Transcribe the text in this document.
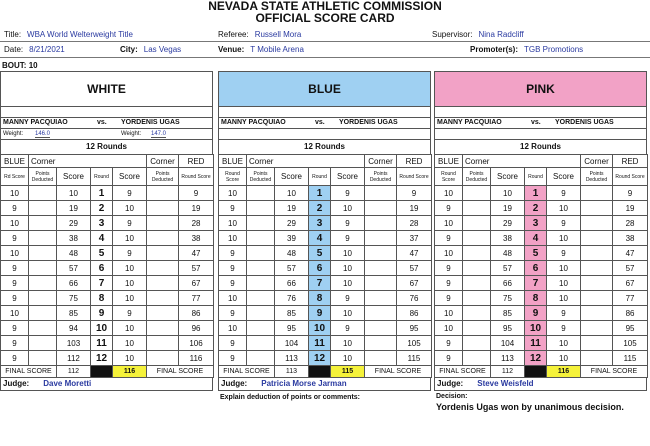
NEVADA STATE ATHLETIC COMMISSION
OFFICIAL SCORE CARD
Title: WBA World Welterweight Title	Referee: Russell Mora	Supervisor: Nina Radcliff
Date: 8/21/2021	City: Las Vegas	Venue: T Mobile Arena	Promoter(s): TGB Promotions
BOUT: 10
WHITE
MANNY PACQUIAO	vs. YORDENIS UGAS
Weight: 146.0	Weight: 147.0
12 Rounds
BLUE	Corner				Corner	RED
Rd Score	Points Deducted	Score	Round	Score	Points Deducted	Round Score
10		10	1	9		9
9		19	2	10		19
10		29	3	9		28
9		38	4	10		38
10		48	5	9		47
9		57	6	10		57
9		66	7	10		67
9		75	8	10		77
10		85	9	9		86
9		94	10	10		96
9		103	11	10		106
9		112	12	10		116
FINAL SCORE		112		116	FINAL SCORE	
Judge: Dave Moretti
BLUE
MANNY PACQUIAO	vs. YORDENIS UGAS
12 Rounds
BLUE	Corner				Corner	RED
Round Score	Points Deducted	Score	Round	Score	Points Deducted	Round Score
10		10	1	9		9
9		19	2	10		19
10		29	3	9		28
10		39	4	9		37
9		48	5	10		47
9		57	6	10		57
9		66	7	10		67
10		76	8	9		76
9		85	9	10		86
10		95	10	9		95
9		104	11	10		105
9		113	12	10		115
FINAL SCORE		113		115	FINAL SCORE	
Judge: Patricia Morse Jarman
Explain deduction of points or comments:
PINK
MANNY PACQUIAO	vs. YORDENIS UGAS
12 Rounds
BLUE	Corner				Corner	RED
Round Score	Points Deducted	Score	Round	Score	Points Deducted	Round Score
10		10	1	9		9
9		19	2	10		19
10		29	3	9		28
9		38	4	10		38
10		48	5	9		47
9		57	6	10		57
9		66	7	10		67
9		75	8	10		77
10		85	9	9		86
10		95	10	9		95
9		104	11	10		105
9		113	12	10		115
FINAL SCORE		112		116	FINAL SCORE	
Judge: Steve Weisfeld
Decision:
Yordenis Ugas won by unanimous decision.
